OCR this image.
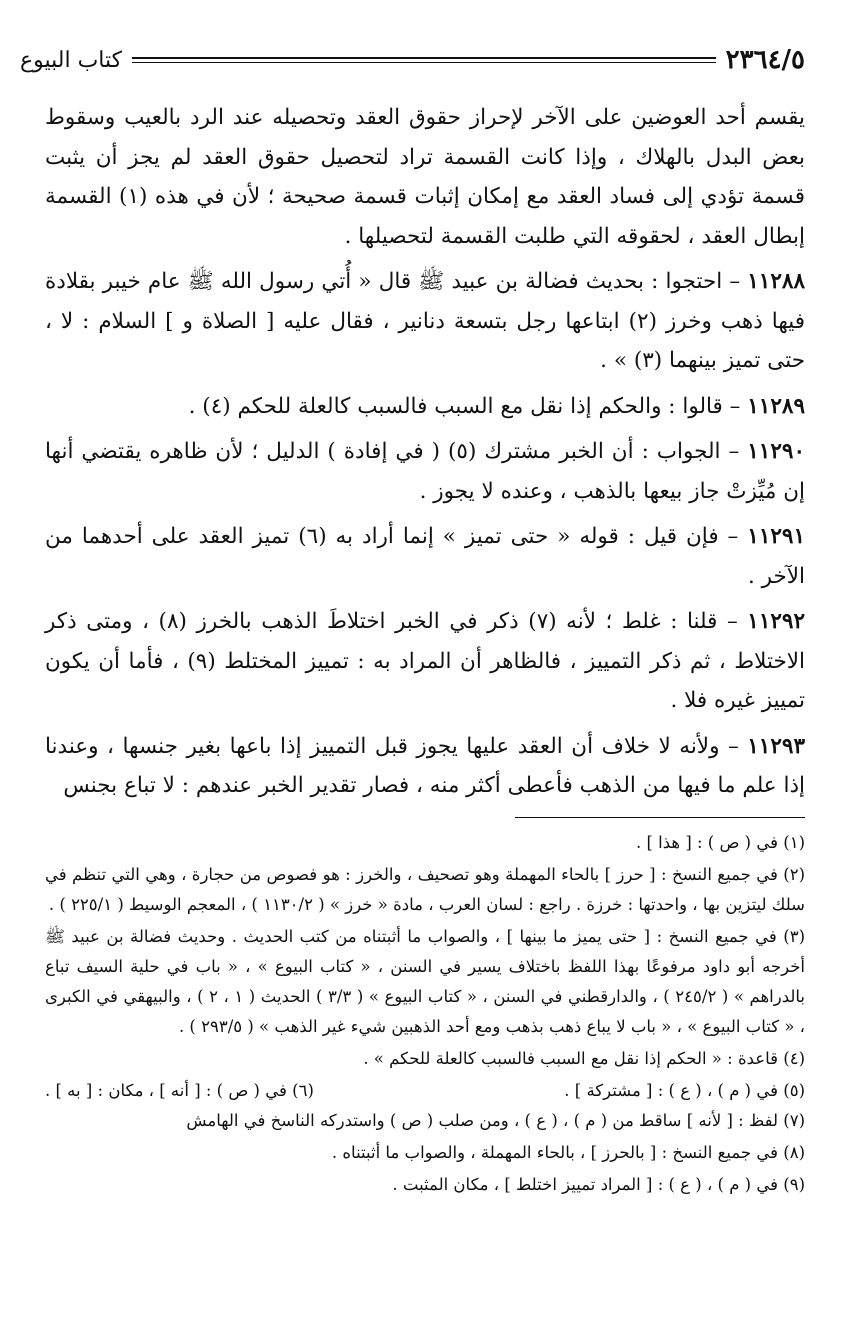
٢٣٦٤/٥
كتاب البيوع

يقسم أحد العوضين على الآخر لإحراز حقوق العقد وتحصيله عند الرد بالعيب وسقوط بعض البدل بالهلاك ، وإذا كانت القسمة تراد لتحصيل حقوق العقد لم يجز أن يثبت قسمة تؤدي إلى فساد العقد مع إمكان إثبات قسمة صحيحة ؛ لأن في هذه (١) القسمة إبطال العقد ، لحقوقه التي طلبت القسمة لتحصيلها .

١١٢٨٨ – احتجوا : بحديث فضالة بن عبيد ﷺ قال « أُتي رسول الله ﷺ عام خيبر بقلادة فيها ذهب وخرز (٢) ابتاعها رجل بتسعة دنانير ، فقال عليه [ الصلاة و ] السلام : لا ، حتى تميز بينهما (٣) » .

١١٢٨٩ – قالوا : والحكم إذا نقل مع السبب فالسبب كالعلة للحكم (٤) .

١١٢٩٠ – الجواب : أن الخبر مشترك (٥) ( في إفادة ) الدليل ؛ لأن ظاهره يقتضي أنها إن مُيِّزتْ جاز بيعها بالذهب ، وعنده لا يجوز .

١١٢٩١ – فإن قيل : قوله « حتى تميز » إنما أراد به (٦) تميز العقد على أحدهما من الآخر .

١١٢٩٢ – قلنا : غلط ؛ لأنه (٧) ذكر في الخبر اختلاطَ الذهب بالخرز (٨) ، ومتى ذكر الاختلاط ، ثم ذكر التمييز ، فالظاهر أن المراد به : تمييز المختلط (٩) ، فأما أن يكون تمييز غيره فلا .

١١٢٩٣ – ولأنه لا خلاف أن العقد عليها يجوز قبل التمييز إذا باعها بغير جنسها ، وعندنا إذا علم ما فيها من الذهب فأعطى أكثر منه ، فصار تقدير الخبر عندهم : لا تباع بجنس

(١) في ( ص ) : [ هذا ] .

(٢) في جميع النسخ : [ حرز ] بالحاء المهملة وهو تصحيف ، والخرز : هو فصوص من حجارة ، وهي التي تنظم في سلك ليتزين بها ، واحدتها : خرزة . راجع : لسان العرب ، مادة « خرز » ( ١١٣٠/٢ ) ، المعجم الوسيط ( ٢٢٥/١ ) .

(٣) في جميع النسخ : [ حتى يميز ما بينها ] ، والصواب ما أثبتناه من كتب الحديث . وحديث فضالة بن عبيد ﷺ أخرجه أبو داود مرفوعًا بهذا اللفظ باختلاف يسير في السنن ، « كتاب البيوع » ، « باب في حلية السيف تباع بالدراهم » ( ٢٤٥/٢ ) ، والدارقطني في السنن ، « كتاب البيوع » ( ٣/٣ ) الحديث ( ١ ، ٢ ) ، والبيهقي في الكبرى ، « كتاب البيوع » ، « باب لا يباع ذهب بذهب ومع أحد الذهبين شيء غير الذهب » ( ٢٩٣/٥ ) .

(٤) قاعدة : « الحكم إذا نقل مع السبب فالسبب كالعلة للحكم » .

(٥) في ( م ) ، ( ع ) : [ مشتركة ] .
(٦) في ( ص ) : [ أنه ] ، مكان : [ به ] .

(٧) لفظ : [ لأنه ] ساقط من ( م ) ، ( ع ) ، ومن صلب ( ص ) واستدركه الناسخ في الهامش

(٨) في جميع النسخ : [ بالحرز ] ، بالحاء المهملة ، والصواب ما أثبتناه .

(٩) في ( م ) ، ( ع ) : [ المراد تمييز اختلط ] ، مكان المثبت .
